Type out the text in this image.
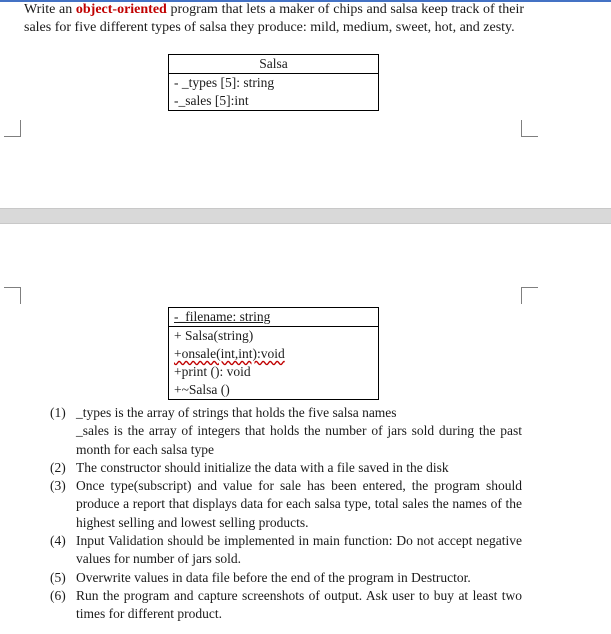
Write an object-oriented program that lets a maker of chips and salsa keep track of their sales for five different types of salsa they produce: mild, medium, sweet, hot, and zesty.
Salsa
- _types [5]: string
-_sales [5]:int
-_filename: string
+ Salsa(string)
+onsale(int,int):void
+print (): void
+~Salsa ()
(1) _types is the array of strings that holds the five salsa names
_sales is the array of integers that holds the number of jars sold during the past month for each salsa type
(2) The constructor should initialize the data with a file saved in the disk
(3) Once type(subscript) and value for sale has been entered, the program should produce a report that displays data for each salsa type, total sales the names of the highest selling and lowest selling products.
(4) Input Validation should be implemented in main function: Do not accept negative values for number of jars sold.
(5) Overwrite values in data file before the end of the program in Destructor.
(6) Run the program and capture screenshots of output. Ask user to buy at least two times for different product.
